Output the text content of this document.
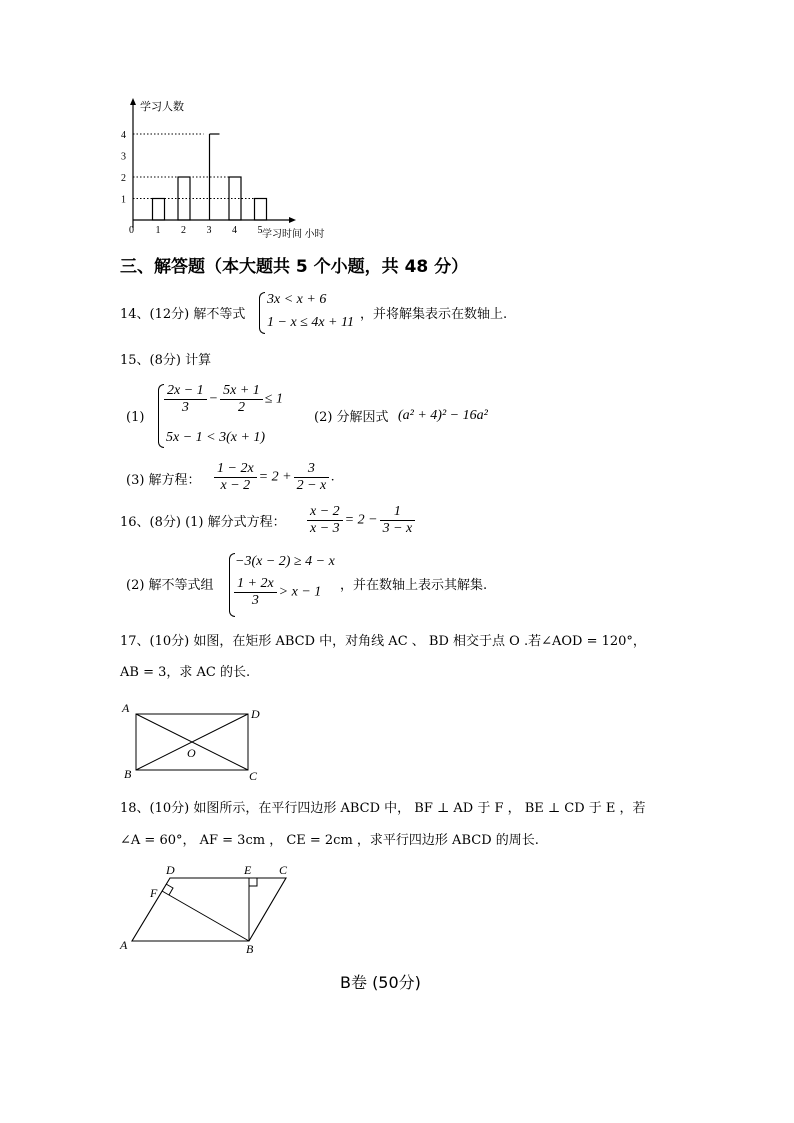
学习人数
学习时间 小时
1
2
3
4
0 1 2 3 4 5
三、解答题（本大题共 5 个小题，共 48 分）
14、(12分) 解不等式
3x < x + 6
1 − x ≤ 4x + 11
，并将解集表示在数轴上.
15、(8分) 计算
(1)
$\frac{2x - 1}{3} - \frac{5x + 1}{2} \le 1$
5x − 1 < 3(x + 1)
(2) 分解因式 (a² + 4)² − 16a²
(3) 解方程： $\frac{1 - 2x}{x - 2} = 2 + \frac{3}{2 - x}$ .
16、(8分) (1) 解分式方程： $\frac{x - 2}{x - 3} = 2 - \frac{1}{3 - x}$
(2) 解不等式组
−3(x − 2) ≥ 4 − x
$\frac{1 + 2x}{3} > x - 1$ ，并在数轴上表示其解集.
17、(10分) 如图，在矩形 ABCD 中，对角线 AC 、 BD 相交于点 O .若∠AOD = 120°，
AB = 3，求 AC 的长.
A	D
B	C
O
18、(10分) 如图所示，在平行四边形 ABCD 中， BF ⊥ AD 于 F ， BE ⊥ CD 于 E ，若
∠A = 60°， AF = 3cm ， CE = 2cm ，求平行四边形 ABCD 的周长.
D	E C
F
A	B
B卷 (50分)
